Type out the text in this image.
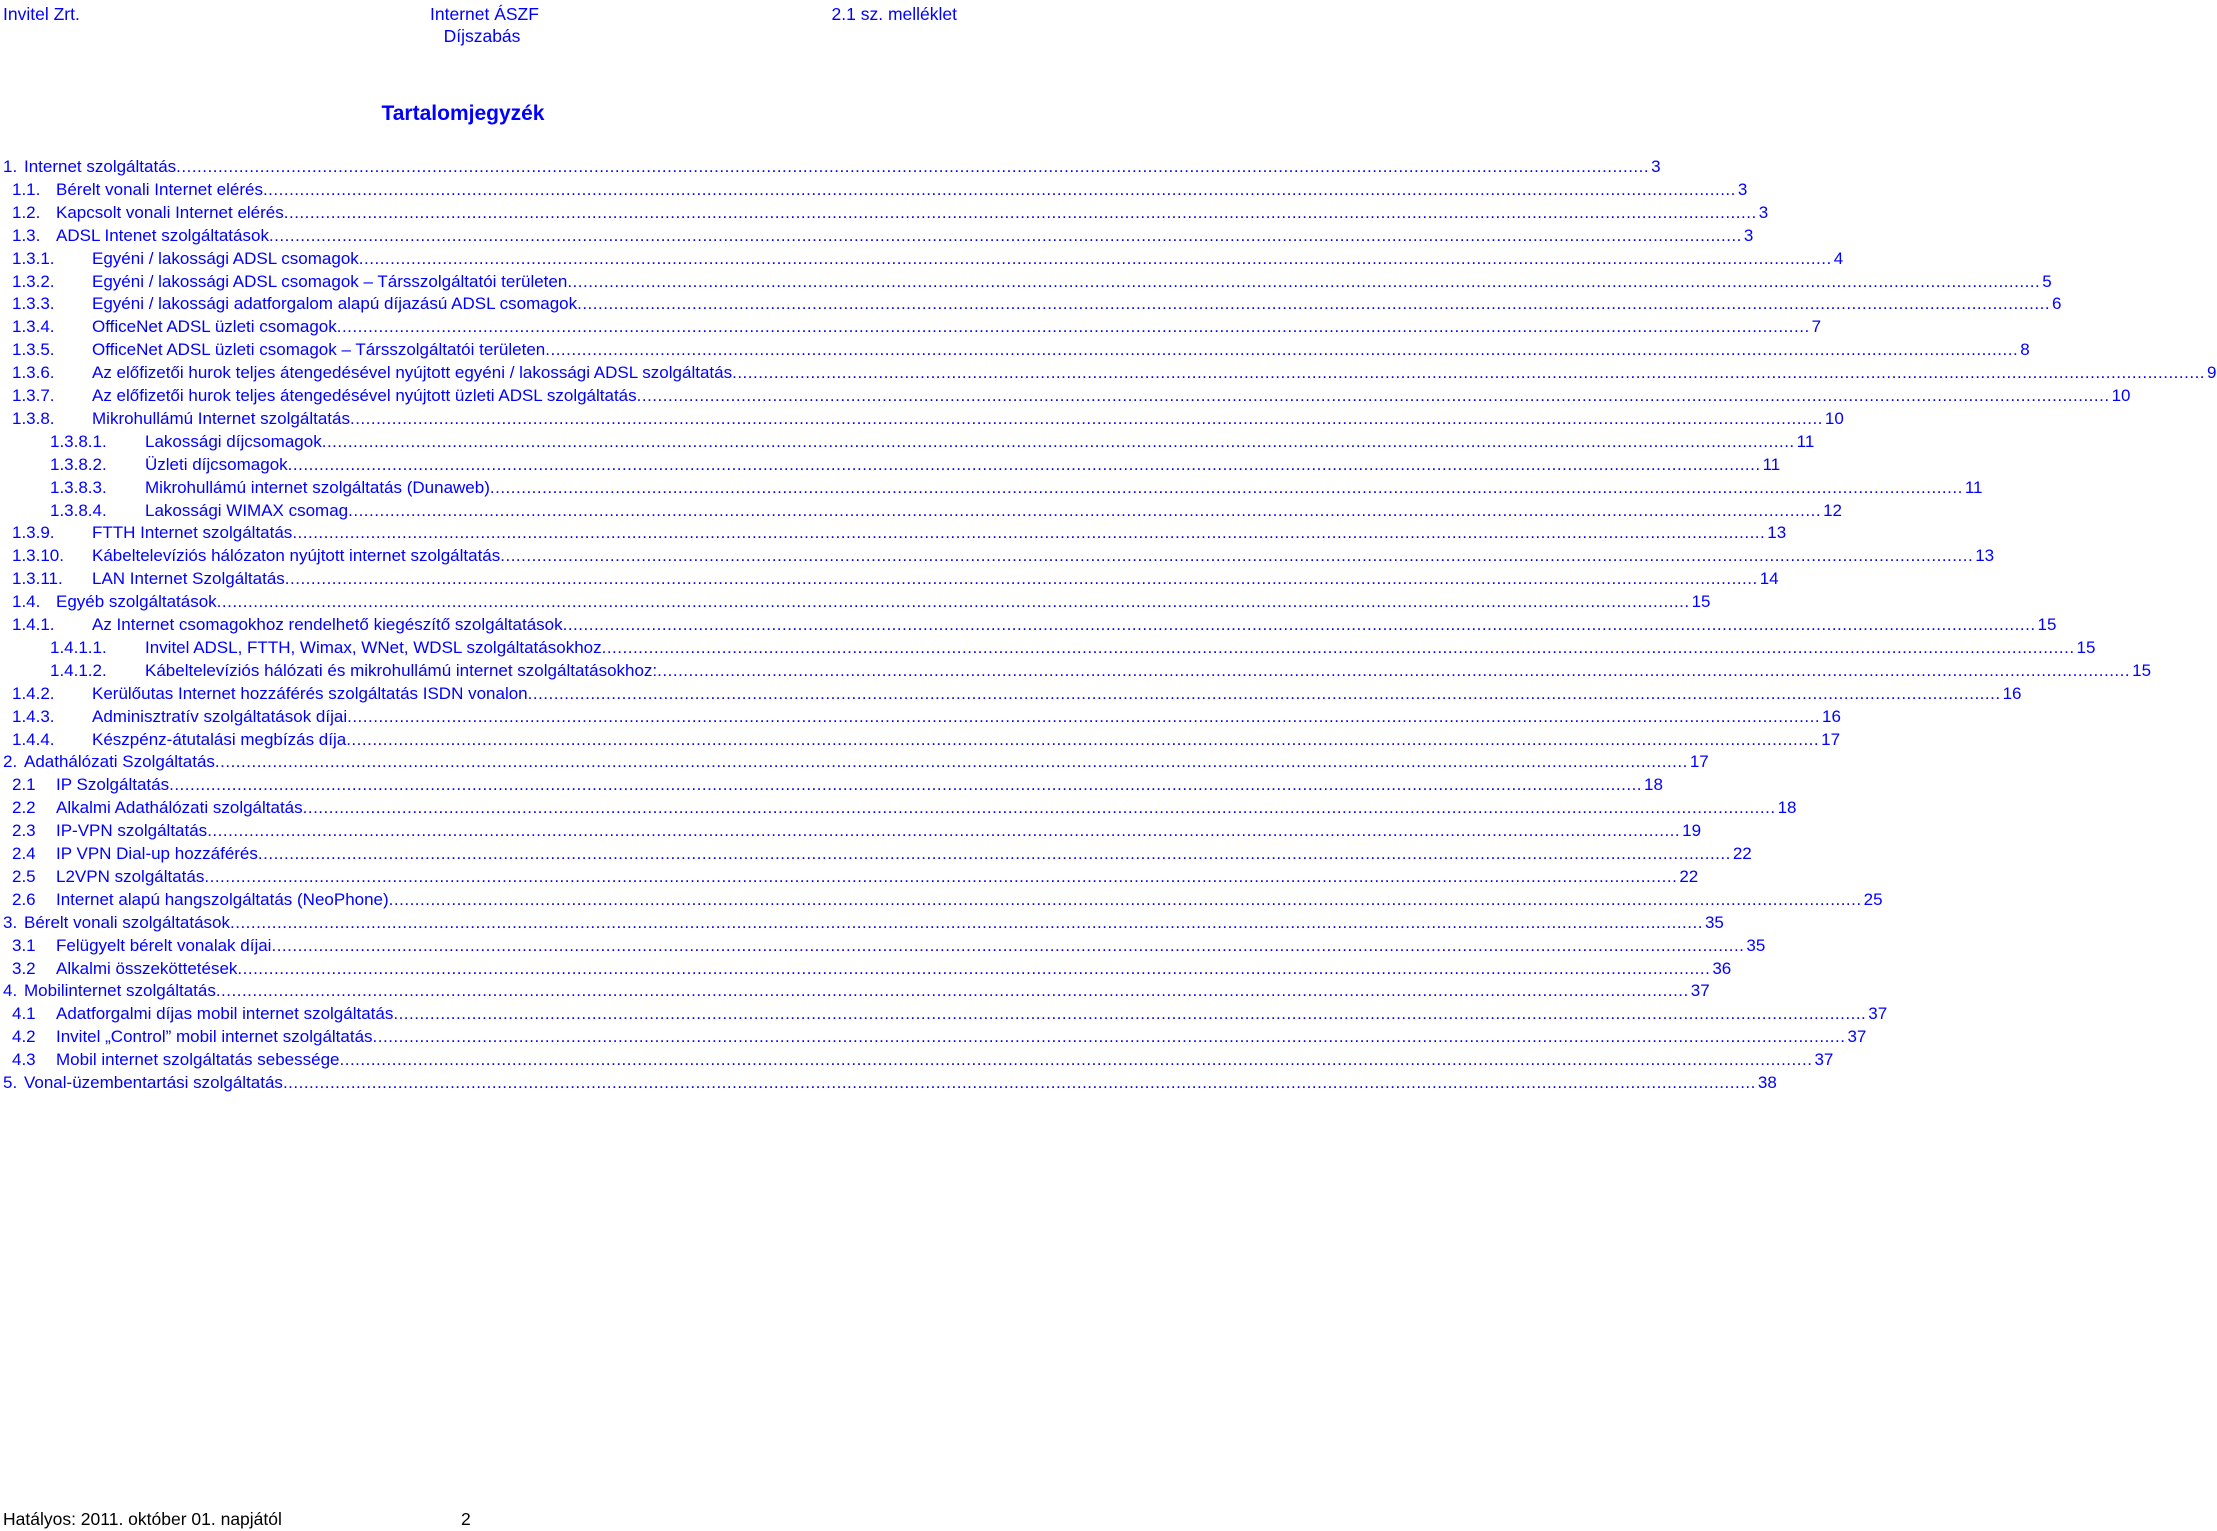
Invitel Zrt.	Internet ÁSZF
Díjszabás
2.1 sz. melléklet
Tartalomjegyzék
1. Internet szolgáltatás .....	3
1.1. Bérelt vonali Internet elérés .....	3
1.2. Kapcsolt vonali Internet elérés .....	3
1.3. ADSL Intenet szolgáltatások .....	3
1.3.1.	Egyéni / lakossági ADSL csomagok .....	4
1.3.2.	Egyéni / lakossági ADSL csomagok – Társszolgáltatói területen .....	5
1.3.3.	Egyéni / lakossági adatforgalom alapú díjazású ADSL csomagok .....	6
1.3.4.	OfficeNet ADSL üzleti csomagok .....	7
1.3.5.	OfficeNet ADSL üzleti csomagok – Társszolgáltatói területen .....	8
1.3.6.	Az előfizetői hurok teljes átengedésével nyújtott egyéni / lakossági ADSL szolgáltatás .....	9
1.3.7.	Az előfizetői hurok teljes átengedésével nyújtott üzleti ADSL szolgáltatás .....	10
1.3.8.	Mikrohullámú Internet szolgáltatás .....	10
1.3.8.1.	Lakossági díjcsomagok .....	11
1.3.8.2.	Üzleti díjcsomagok .....	11
1.3.8.3.	Mikrohullámú internet szolgáltatás (Dunaweb) .....	11
1.3.8.4.	Lakossági WIMAX csomag .....	12
1.3.9.	FTTH Internet szolgáltatás .....	13
1.3.10.	Kábeltelevíziós hálózaton nyújtott internet szolgáltatás .....	13
1.3.11.	LAN Internet Szolgáltatás .....	14
1.4. Egyéb szolgáltatások .....	15
1.4.1.	Az Internet csomagokhoz rendelhető kiegészítő szolgáltatások .....	15
1.4.1.1.	Invitel ADSL, FTTH, Wimax, WNet, WDSL szolgáltatásokhoz .....	15
1.4.1.2.	Kábeltelevíziós hálózati és mikrohullámú internet szolgáltatásokhoz: .....	15
1.4.2.	Kerülőutas Internet hozzáférés szolgáltatás ISDN vonalon .....	16
1.4.3.	Adminisztratív szolgáltatások díjai .....	16
1.4.4.	Készpénz-átutalási megbízás díja .....	17
2. Adathálózati Szolgáltatás .....	17
2.1	IP Szolgáltatás .....	18
2.2	Alkalmi Adathálózati szolgáltatás .....	18
2.3	IP-VPN szolgáltatás .....	19
2.4	IP VPN Dial-up hozzáférés .....	22
2.5	L2VPN szolgáltatás .....	22
2.6	Internet alapú hangszolgáltatás (NeoPhone) .....	25
3. Bérelt vonali szolgáltatások .....	35
3.1	Felügyelt bérelt vonalak díjai .....	35
3.2	Alkalmi összeköttetések .....	36
4. Mobilinternet szolgáltatás .....	37
4.1	Adatforgalmi díjas mobil internet szolgáltatás .....	37
4.2	Invitel „Control” mobil internet szolgáltatás .....	37
4.3	Mobil internet szolgáltatás sebessége .....	37
5. Vonal-üzembentartási szolgáltatás .....	38
Hatályos: 2011. október 01. napjától	2
